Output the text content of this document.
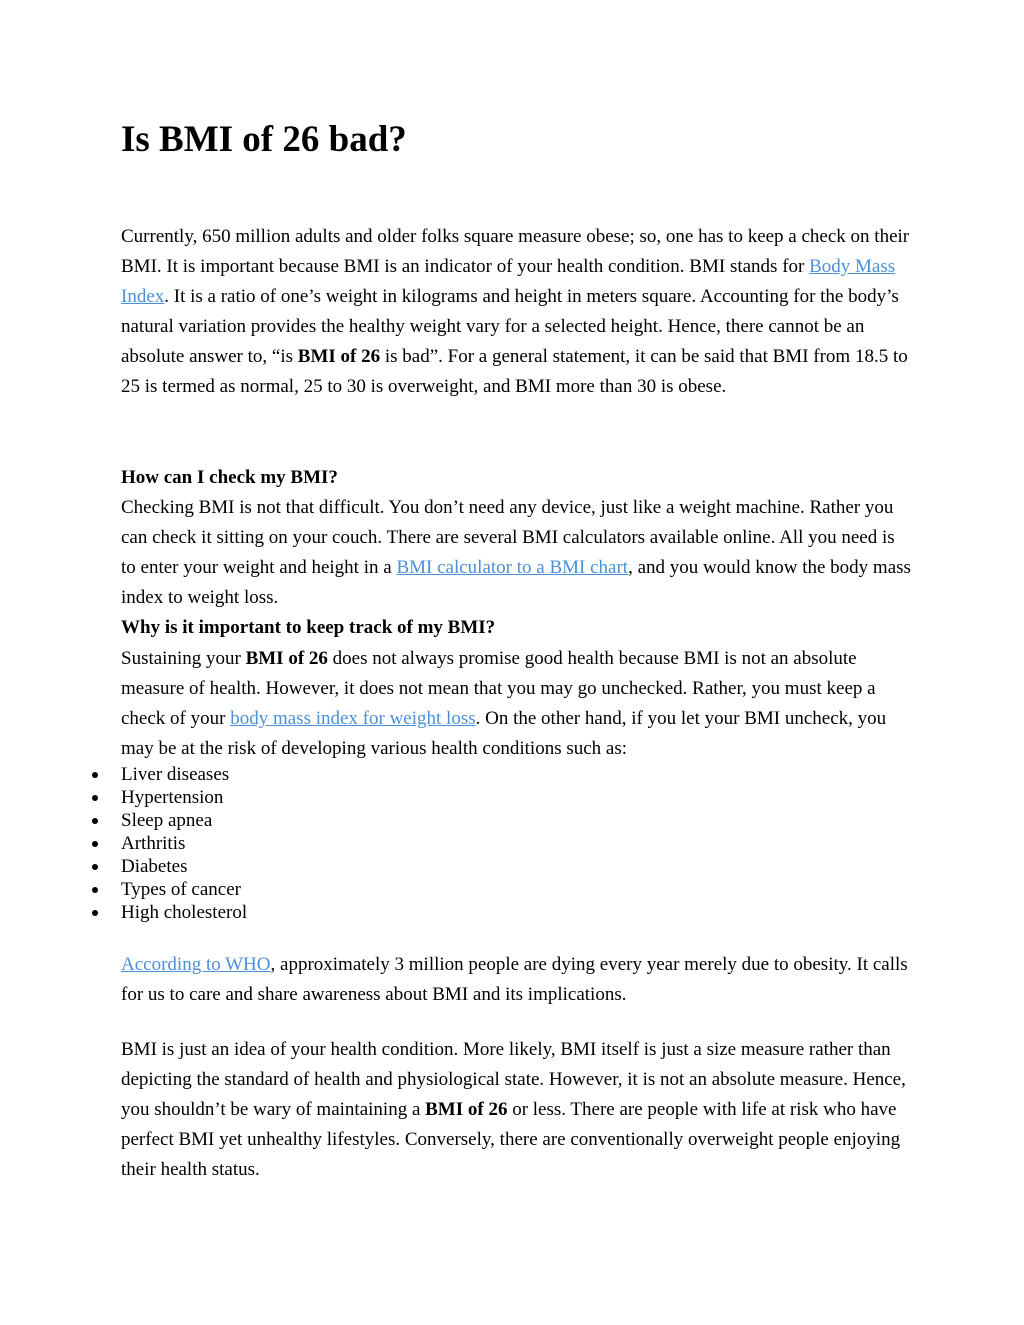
Is BMI of 26 bad?

Currently, 650 million adults and older folks square measure obese; so, one has to keep a check on their BMI. It is important because BMI is an indicator of your health condition. BMI stands for Body Mass Index. It is a ratio of one’s weight in kilograms and height in meters square. Accounting for the body’s natural variation provides the healthy weight vary for a selected height. Hence, there cannot be an absolute answer to, “is BMI of 26 is bad”. For a general statement, it can be said that BMI from 18.5 to 25 is termed as normal, 25 to 30 is overweight, and BMI more than 30 is obese.

How can I check my BMI?
Checking BMI is not that difficult. You don’t need any device, just like a weight machine. Rather you can check it sitting on your couch. There are several BMI calculators available online. All you need is to enter your weight and height in a BMI calculator to a BMI chart, and you would know the body mass index to weight loss.
Why is it important to keep track of my BMI?
Sustaining your BMI of 26 does not always promise good health because BMI is not an absolute measure of health. However, it does not mean that you may go unchecked. Rather, you must keep a check of your body mass index for weight loss. On the other hand, if you let your BMI uncheck, you may be at the risk of developing various health conditions such as:
Liver diseases
Hypertension
Sleep apnea
Arthritis
Diabetes
Types of cancer
High cholesterol

According to WHO, approximately 3 million people are dying every year merely due to obesity. It calls for us to care and share awareness about BMI and its implications.

BMI is just an idea of your health condition. More likely, BMI itself is just a size measure rather than depicting the standard of health and physiological state. However, it is not an absolute measure. Hence, you shouldn’t be wary of maintaining a BMI of 26 or less. There are people with life at risk who have perfect BMI yet unhealthy lifestyles. Conversely, there are conventionally overweight people enjoying their health status.
